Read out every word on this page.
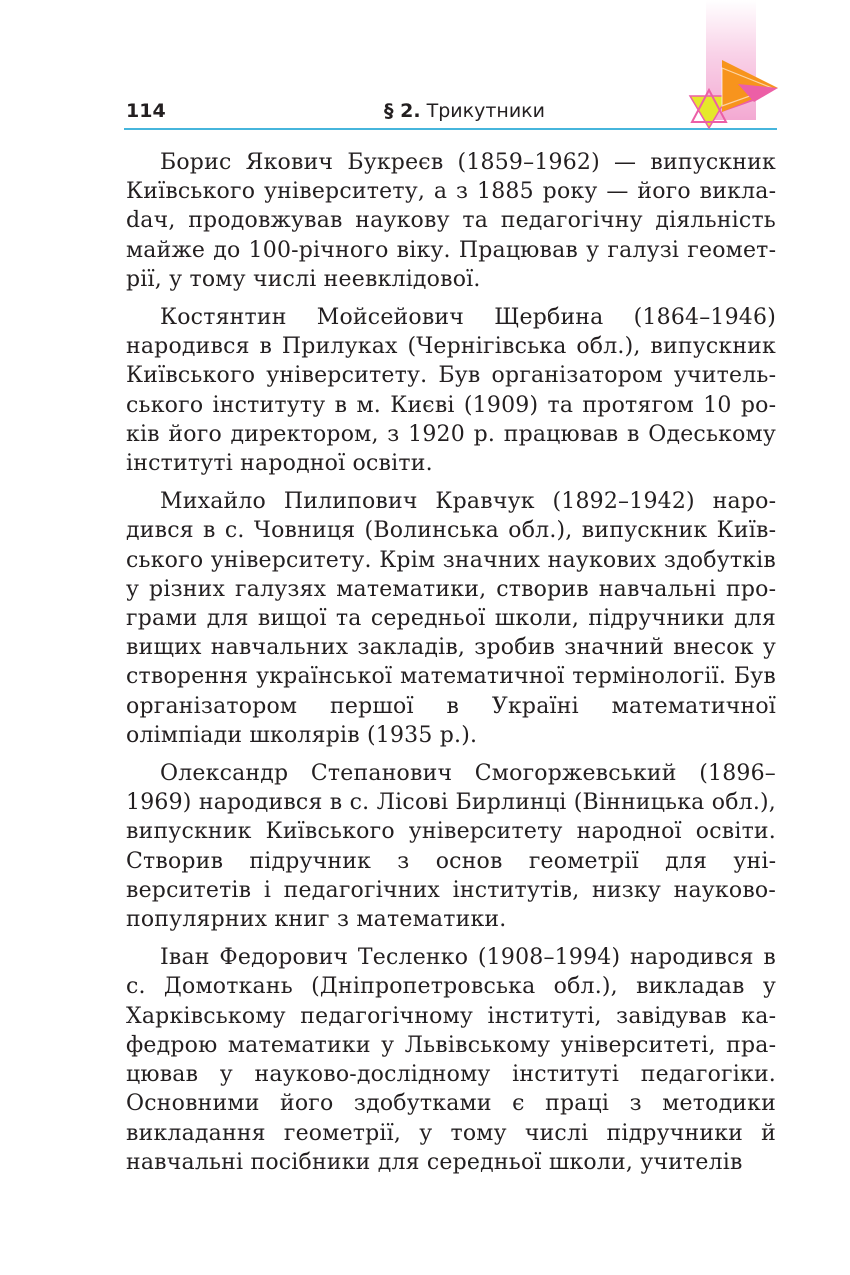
114	§ 2. Трикутники

Борис Якович Букреєв (1859–1962) — випускник Київського університету, а з 1885 року — його виклаdач, продовжував наукову та педагогічну діяльність майже до 100-річного віку. Працював у галузі геометрії, у тому числі неевклідової.

Костянтин Мойсейович Щербина (1864–1946) народився в Прилуках (Чернігівська обл.), випускник Київського університету. Був організатором учительського інституту в м. Києві (1909) та протягом 10 років його директором, з 1920 р. працював в Одеському інституті народної освіти.

Михайло Пилипович Кравчук (1892–1942) народився в с. Човниця (Волинська обл.), випускник Київського університету. Крім значних наукових здобутків у різних галузях математики, створив навчальні програми для вищої та середньої школи, підручники для вищих навчальних закладів, зробив значний внесок у створення української математичної термінології. Був організатором першої в Україні математичної олімпіади школярів (1935 р.).

Олександр Степанович Смогоржевський (1896–1969) народився в с. Лісові Бирлинці (Вінницька обл.), випускник Київського університету народної освіти. Створив підручник з основ геометрії для університетів і педагогічних інститутів, низку науково-популярних книг з математики.

Іван Федорович Тесленко (1908–1994) народився в с. Домоткань (Дніпропетровська обл.), викладав у Харківському педагогічному інституті, завідував кафедрою математики у Львівському університеті, працював у науково-дослідному інституті педагогіки. Основними його здобутками є праці з методики викладання геометрії, у тому числі підручники й навчальні посібники для середньої школи, учителів
